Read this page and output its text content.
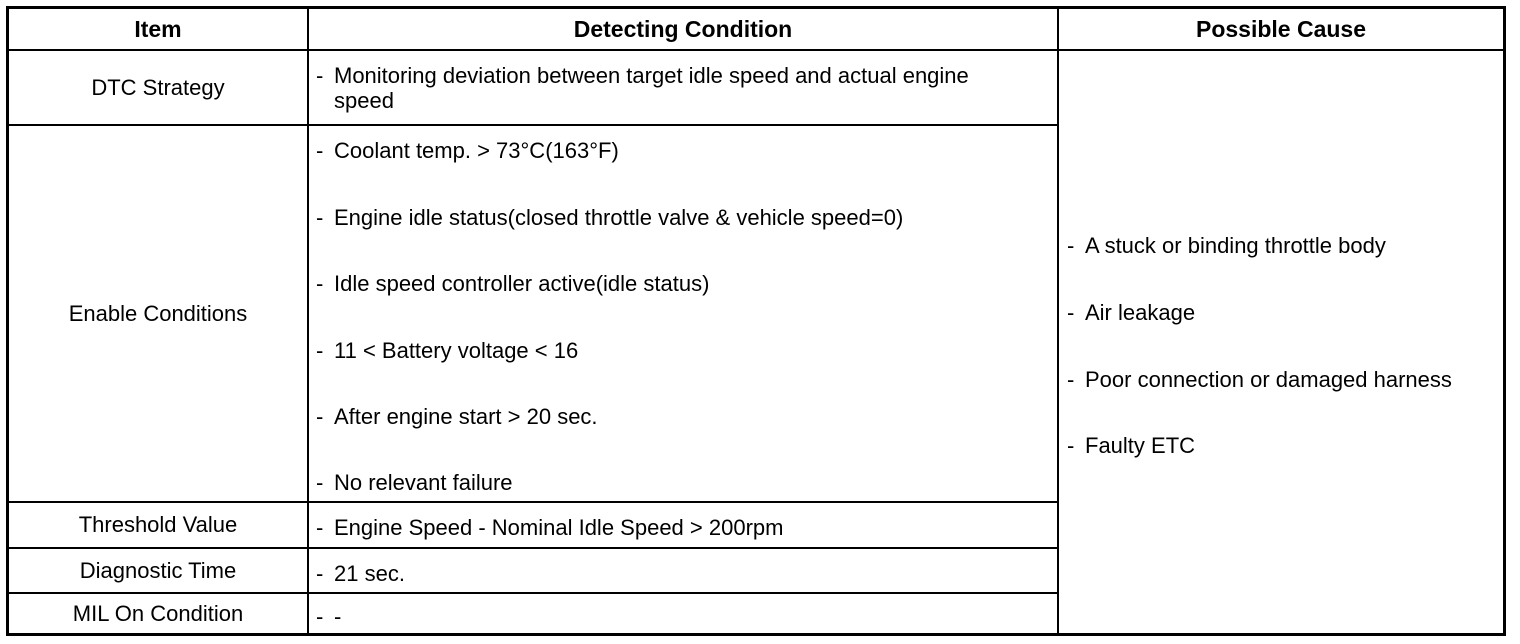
Item	Detecting Condition	Possible Cause
DTC Strategy
Enable Conditions
Threshold Value
Diagnostic Time
MIL On Condition
- Monitoring deviation between target idle speed and actual engine speed
- Coolant temp. > 73°C(163°F)
- Engine idle status(closed throttle valve & vehicle speed=0)
- Idle speed controller active(idle status)
- 11 < Battery voltage < 16
- After engine start > 20 sec.
- No relevant failure
- Engine Speed - Nominal Idle Speed > 200rpm
- 21 sec.
- -
- A stuck or binding throttle body
- Air leakage
- Poor connection or damaged harness
- Faulty ETC
